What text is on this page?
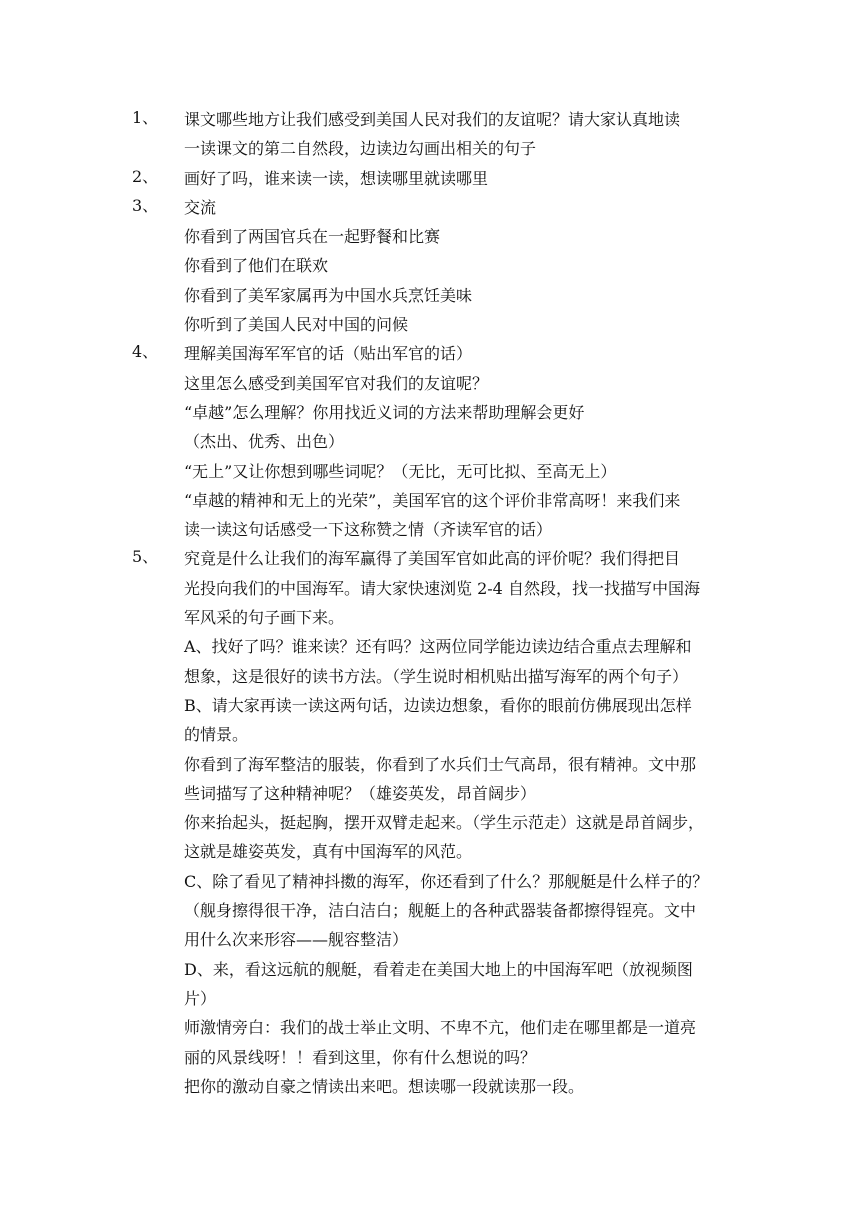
1、 课文哪些地方让我们感受到美国人民对我们的友谊呢？请大家认真地读
一读课文的第二自然段，边读边勾画出相关的句子
2、 画好了吗，谁来读一读，想读哪里就读哪里
3、 交流
你看到了两国官兵在一起野餐和比赛
你看到了他们在联欢
你看到了美军家属再为中国水兵烹饪美味
你听到了美国人民对中国的问候
4、 理解美国海军军官的话（贴出军官的话）
这里怎么感受到美国军官对我们的友谊呢？
“卓越”怎么理解？你用找近义词的方法来帮助理解会更好
（杰出、优秀、出色）
“无上”又让你想到哪些词呢？（无比，无可比拟、至高无上）
“卓越的精神和无上的光荣”，美国军官的这个评价非常高呀！来我们来
读一读这句话感受一下这称赞之情（齐读军官的话）
5、 究竟是什么让我们的海军赢得了美国军官如此高的评价呢？我们得把目
光投向我们的中国海军。请大家快速浏览 2-4 自然段，找一找描写中国海
军风采的句子画下来。
A、找好了吗？谁来读？还有吗？这两位同学能边读边结合重点去理解和
想象，这是很好的读书方法。（学生说时相机贴出描写海军的两个句子）
B、请大家再读一读这两句话，边读边想象，看你的眼前仿佛展现出怎样
的情景。
你看到了海军整洁的服装，你看到了水兵们士气高昂，很有精神。文中那
些词描写了这种精神呢？（雄姿英发，昂首阔步）
你来抬起头，挺起胸，摆开双臂走起来。（学生示范走）这就是昂首阔步，
这就是雄姿英发，真有中国海军的风范。
C、除了看见了精神抖擞的海军，你还看到了什么？那舰艇是什么样子的？
（舰身擦得很干净，洁白洁白；舰艇上的各种武器装备都擦得锃亮。文中
用什么次来形容——舰容整洁）
D、来，看这远航的舰艇，看着走在美国大地上的中国海军吧（放视频图
片）
师激情旁白：我们的战士举止文明、不卑不亢，他们走在哪里都是一道亮
丽的风景线呀！！看到这里，你有什么想说的吗？
把你的激动自豪之情读出来吧。想读哪一段就读那一段。
